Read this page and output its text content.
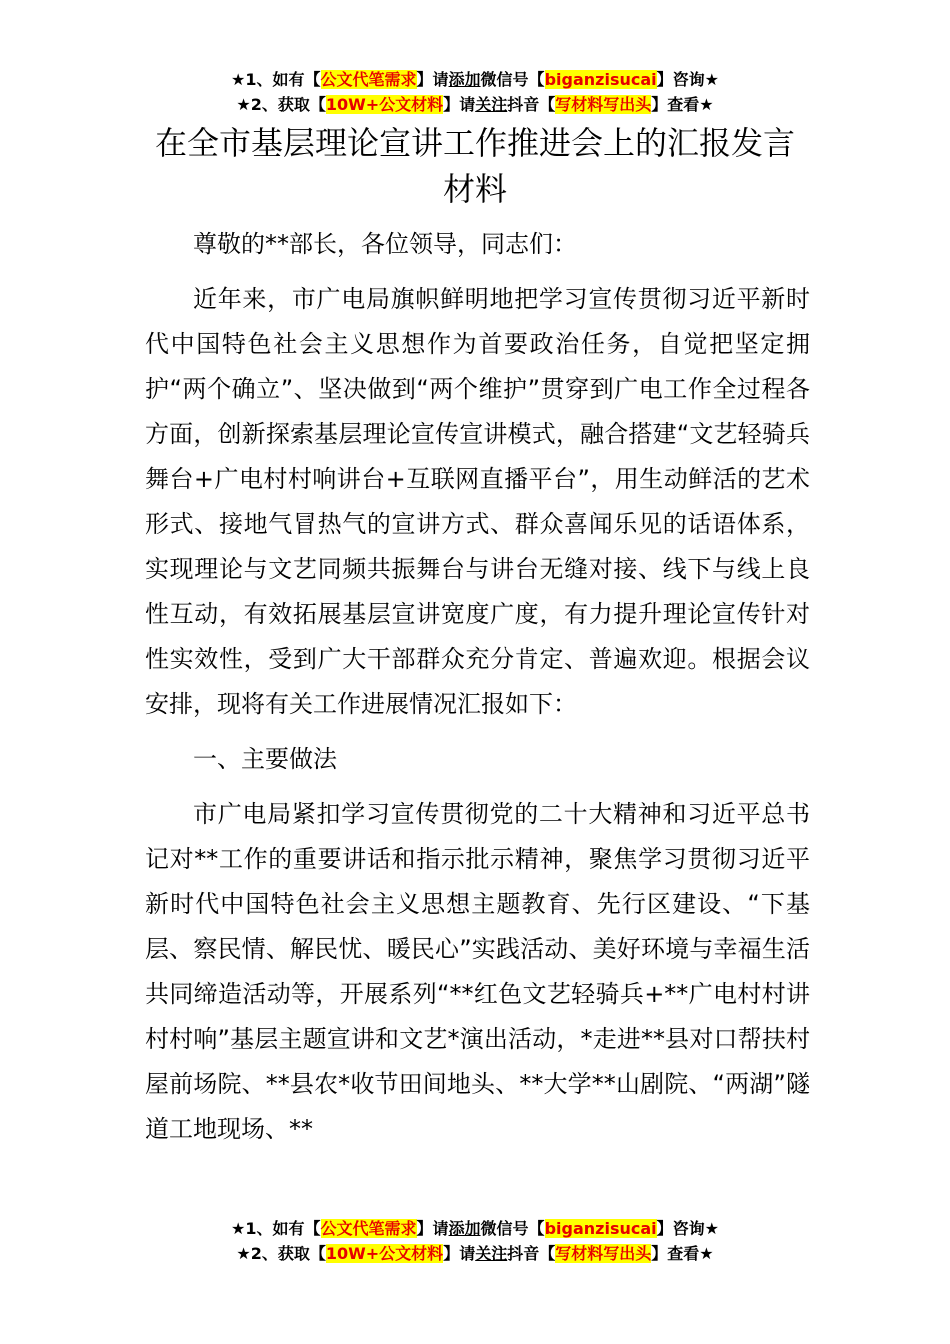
★1、如有【公文代笔需求】请添加微信号【biganzisucai】咨询★
★2、获取【10W+公文材料】请关注抖音【写材料写出头】查看★
在全市基层理论宣讲工作推进会上的汇报发言材料

尊敬的**部长，各位领导，同志们：

近年来，市广电局旗帜鲜明地把学习宣传贯彻习近平新时代中国特色社会主义思想作为首要政治任务，自觉把坚定拥护“两个确立”、坚决做到“两个维护”贯穿到广电工作全过程各方面，创新探索基层理论宣传宣讲模式，融合搭建“文艺轻骑兵舞台+广电村村响讲台+互联网直播平台”，用生动鲜活的艺术形式、接地气冒热气的宣讲方式、群众喜闻乐见的话语体系，实现理论与文艺同频共振舞台与讲台无缝对接、线下与线上良性互动，有效拓展基层宣讲宽度广度，有力提升理论宣传针对性实效性，受到广大干部群众充分肯定、普遍欢迎。根据会议安排，现将有关工作进展情况汇报如下：

一、主要做法

市广电局紧扣学习宣传贯彻党的二十大精神和习近平总书记对**工作的重要讲话和指示批示精神，聚焦学习贯彻习近平新时代中国特色社会主义思想主题教育、先行区建设、“下基层、察民情、解民忧、暖民心”实践活动、美好环境与幸福生活共同缔造活动等，开展系列“**红色文艺轻骑兵+**广电村村讲村村响”基层主题宣讲和文艺*演出活动，*走进**县对口帮扶村屋前场院、**县农*收节田间地头、**大学**山剧院、“两湖”隧道工地现场、**

★1、如有【公文代笔需求】请添加微信号【biganzisucai】咨询★
★2、获取【10W+公文材料】请关注抖音【写材料写出头】查看★
